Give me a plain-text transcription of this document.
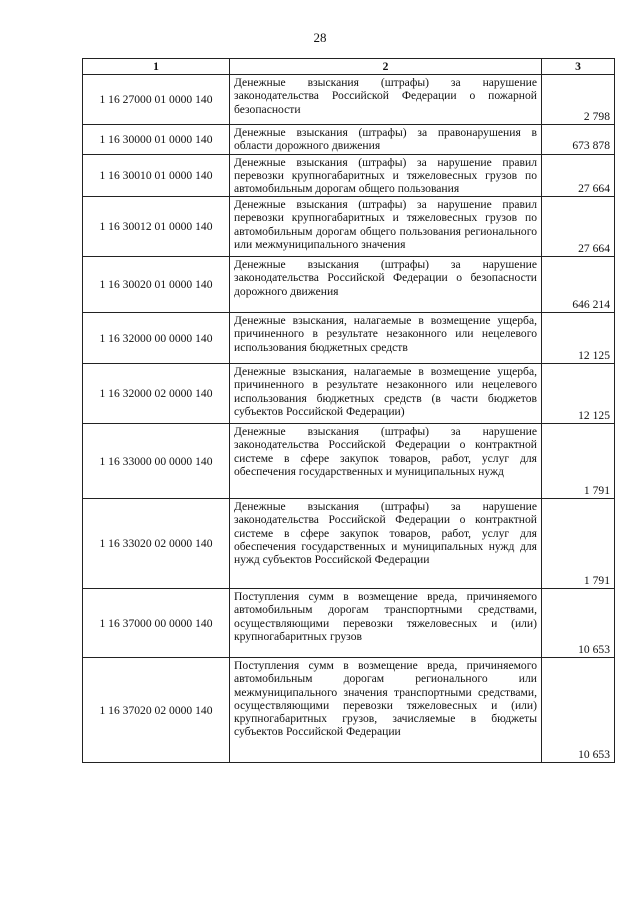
28
1	2	3
1 16 27000 01 0000 140	Денежные взыскания (штрафы) за нарушение законодательства Российской Федерации о пожарной безопасности	2 798
1 16 30000 01 0000 140	Денежные взыскания (штрафы) за правонарушения в области дорожного движения	673 878
1 16 30010 01 0000 140	Денежные взыскания (штрафы) за нарушение правил перевозки крупногабаритных и тяжеловесных грузов по автомобильным дорогам общего пользования	27 664
1 16 30012 01 0000 140	Денежные взыскания (штрафы) за нарушение правил перевозки крупногабаритных и тяжеловесных грузов по автомобильным дорогам общего пользования регионального или межмуниципального значения	27 664
1 16 30020 01 0000 140	Денежные взыскания (штрафы) за нарушение законодательства Российской Федерации о безопасности дорожного движения	646 214
1 16 32000 00 0000 140	Денежные взыскания, налагаемые в возмещение ущерба, причиненного в результате незаконного или нецелевого использования бюджетных средств	12 125
1 16 32000 02 0000 140	Денежные взыскания, налагаемые в возмещение ущерба, причиненного в результате незаконного или нецелевого использования бюджетных средств (в части бюджетов субъектов Российской Федерации)	12 125
1 16 33000 00 0000 140	Денежные взыскания (штрафы) за нарушение законодательства Российской Федерации о контрактной системе в сфере закупок товаров, работ, услуг для обеспечения государственных и муниципальных нужд	1 791
1 16 33020 02 0000 140	Денежные взыскания (штрафы) за нарушение законодательства Российской Федерации о контрактной системе в сфере закупок товаров, работ, услуг для обеспечения государственных и муниципальных нужд для нужд субъектов Российской Федерации	1 791
1 16 37000 00 0000 140	Поступления сумм в возмещение вреда, причиняемого автомобильным дорогам транспортными средствами, осуществляющими перевозки тяжеловесных и (или) крупногабаритных грузов	10 653
1 16 37020 02 0000 140	Поступления сумм в возмещение вреда, причиняемого автомобильным дорогам регионального или межмуниципального значения транспортными средствами, осуществляющими перевозки тяжеловесных и (или) крупногабаритных грузов, зачисляемые в бюджеты субъектов Российской Федерации	10 653
